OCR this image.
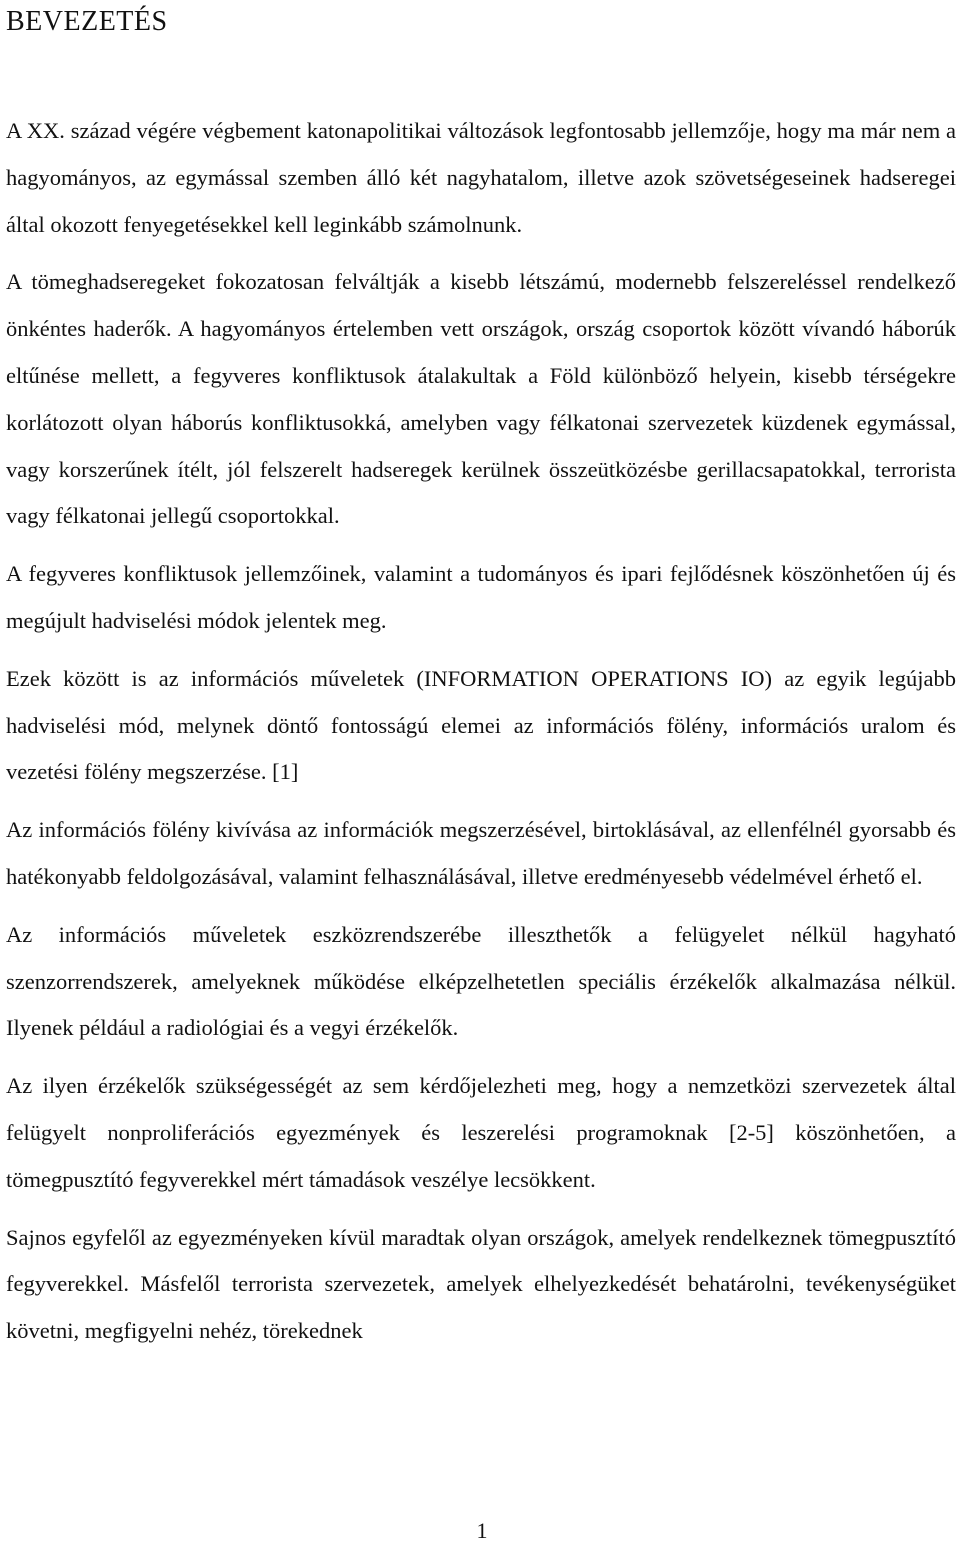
BEVEZETÉS

A XX. század végére végbement katonapolitikai változások legfontosabb jellemzője, hogy ma már nem a hagyományos, az egymással szemben álló két nagyhatalom, illetve azok szövetségeseinek hadseregei által okozott fenyegetésekkel kell leginkább számolnunk.

A tömeghadseregeket fokozatosan felváltják a kisebb létszámú, modernebb felszereléssel rendelkező önkéntes haderők. A hagyományos értelemben vett országok, ország csoportok között vívandó háborúk eltűnése mellett, a fegyveres konfliktusok átalakultak a Föld különböző helyein, kisebb térségekre korlátozott olyan háborús konfliktusokká, amelyben vagy félkatonai szervezetek küzdenek egymással, vagy korszerűnek ítélt, jól felszerelt hadseregek kerülnek összeütközésbe gerillacsapatokkal, terrorista vagy félkatonai jellegű csoportokkal.

A fegyveres konfliktusok jellemzőinek, valamint a tudományos és ipari fejlődésnek köszönhetően új és megújult hadviselési módok jelentek meg.

Ezek között is az információs műveletek (INFORMATION OPERATIONS IO) az egyik legújabb hadviselési mód, melynek döntő fontosságú elemei az információs fölény, információs uralom és vezetési fölény megszerzése. [1]

Az információs fölény kivívása az információk megszerzésével, birtoklásával, az ellenfélnél gyorsabb és hatékonyabb feldolgozásával, valamint felhasználásával, illetve eredményesebb védelmével érhető el.

Az információs műveletek eszközrendszerébe illeszthetők a felügyelet nélkül hagyható szenzorrendszerek, amelyeknek működése elképzelhetetlen speciális érzékelők alkalmazása nélkül. Ilyenek például a radiológiai és a vegyi érzékelők.

Az ilyen érzékelők szükségességét az sem kérdőjelezheti meg, hogy a nemzetközi szervezetek által felügyelt nonproliferációs egyezmények és leszerelési programoknak [2-5] köszönhetően, a tömegpusztító fegyverekkel mért támadások veszélye lecsökkent.

Sajnos egyfelől az egyezményeken kívül maradtak olyan országok, amelyek rendelkeznek tömegpusztító fegyverekkel. Másfelől terrorista szervezetek, amelyek elhelyezkedését behatárolni, tevékenységüket követni, megfigyelni nehéz, törekednek

1
